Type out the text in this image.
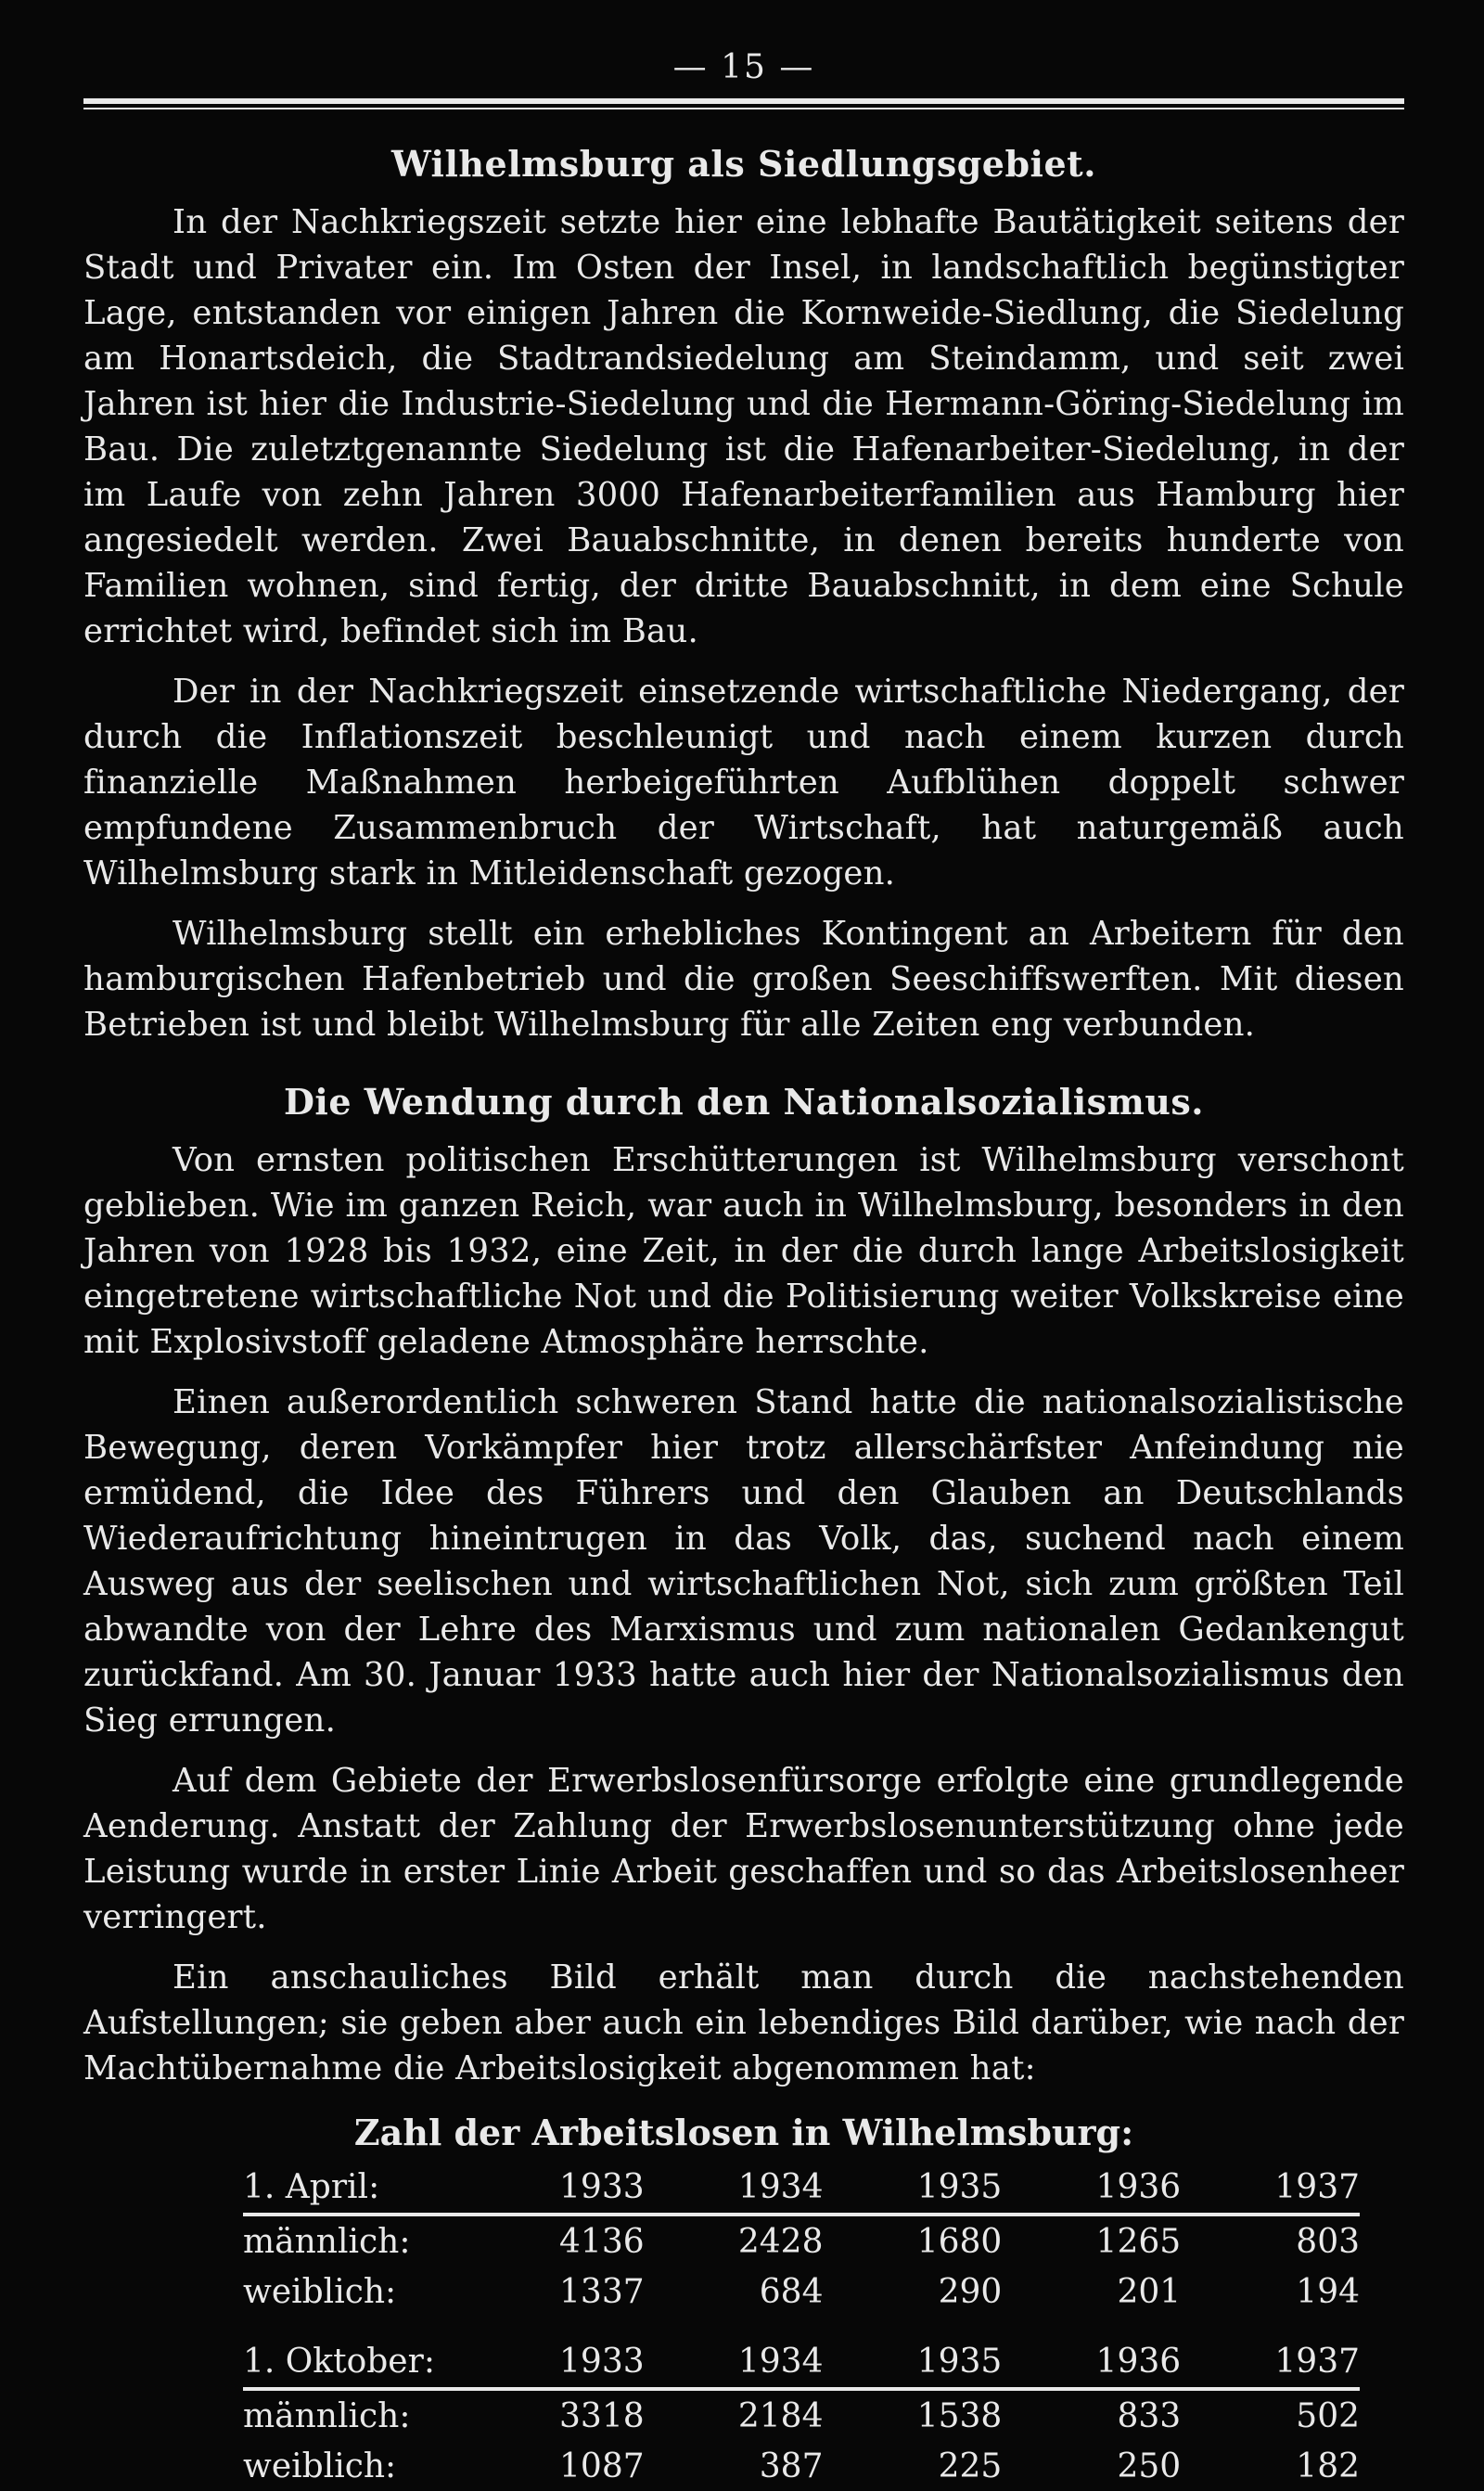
— 15 —
Wilhelmsburg als Siedlungsgebiet.

In der Nachkriegszeit setzte hier eine lebhafte Bautätigkeit seitens der Stadt und Privater ein. Im Osten der Insel, in landschaftlich begünstigter Lage, entstanden vor einigen Jahren die Kornweide-Siedlung, die Siedelung am Honartsdeich, die Stadtrandsiedelung am Steindamm, und seit zwei Jahren ist hier die Industrie-Siedelung und die Hermann-Göring-Siedelung im Bau. Die zuletztgenannte Siedelung ist die Hafenarbeiter-Siedelung, in der im Laufe von zehn Jahren 3000 Hafenarbeiterfamilien aus Hamburg hier angesiedelt werden. Zwei Bauabschnitte, in denen bereits hunderte von Familien wohnen, sind fertig, der dritte Bauabschnitt, in dem eine Schule errichtet wird, befindet sich im Bau.

Der in der Nachkriegszeit einsetzende wirtschaftliche Niedergang, der durch die Inflationszeit beschleunigt und nach einem kurzen durch finanzielle Maßnahmen herbeigeführten Aufblühen doppelt schwer empfundene Zusammenbruch der Wirtschaft, hat naturgemäß auch Wilhelmsburg stark in Mitleidenschaft gezogen.

Wilhelmsburg stellt ein erhebliches Kontingent an Arbeitern für den hamburgischen Hafenbetrieb und die großen Seeschiffswerften. Mit diesen Betrieben ist und bleibt Wilhelmsburg für alle Zeiten eng verbunden.

Die Wendung durch den Nationalsozialismus.

Von ernsten politischen Erschütterungen ist Wilhelmsburg verschont geblieben. Wie im ganzen Reich, war auch in Wilhelmsburg, besonders in den Jahren von 1928 bis 1932, eine Zeit, in der die durch lange Arbeitslosigkeit eingetretene wirtschaftliche Not und die Politisierung weiter Volkskreise eine mit Explosivstoff geladene Atmosphäre herrschte.

Einen außerordentlich schweren Stand hatte die nationalsozialistische Bewegung, deren Vorkämpfer hier trotz allerschärfster Anfeindung nie ermüdend, die Idee des Führers und den Glauben an Deutschlands Wiederaufrichtung hineintrugen in das Volk, das, suchend nach einem Ausweg aus der seelischen und wirtschaftlichen Not, sich zum größten Teil abwandte von der Lehre des Marxismus und zum nationalen Gedankengut zurückfand. Am 30. Januar 1933 hatte auch hier der Nationalsozialismus den Sieg errungen.

Auf dem Gebiete der Erwerbslosenfürsorge erfolgte eine grundlegende Aenderung. Anstatt der Zahlung der Erwerbslosenunterstützung ohne jede Leistung wurde in erster Linie Arbeit geschaffen und so das Arbeitslosenheer verringert.

Ein anschauliches Bild erhält man durch die nachstehenden Aufstellungen; sie geben aber auch ein lebendiges Bild darüber, wie nach der Machtübernahme die Arbeitslosigkeit abgenommen hat:

Zahl der Arbeitslosen in Wilhelmsburg:
1. April:	1933	1934	1935	1936	1937
männlich:	4136	2428	1680	1265	803
weiblich:	1337	684	290	201	194
1. Oktober:	1933	1934	1935	1936	1937
männlich:	3318	2184	1538	833	502
weiblich:	1087	387	225	250	182
